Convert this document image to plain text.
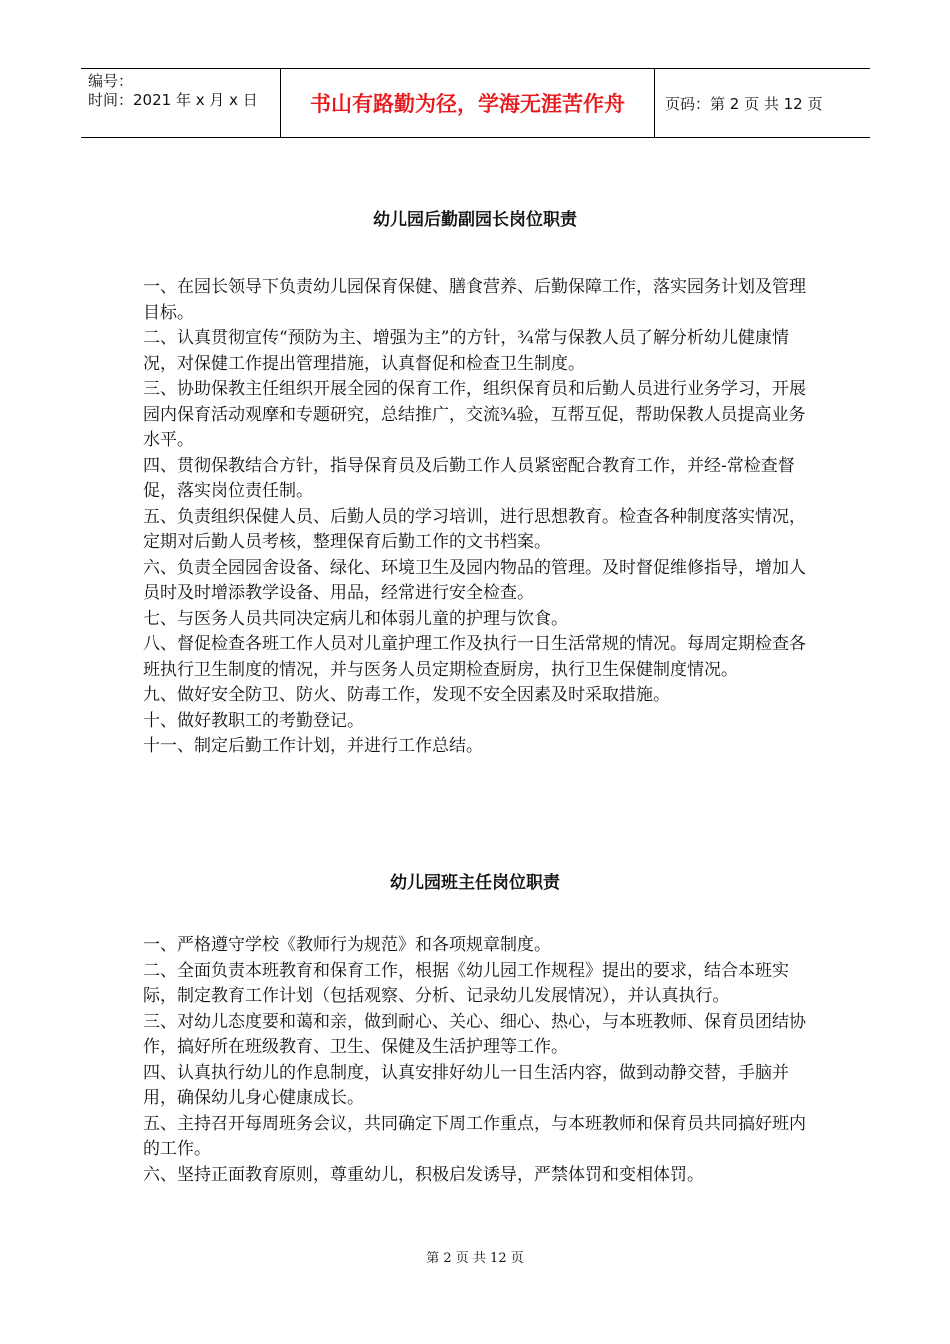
编号：
时间：2021 年 x 月 x 日	书山有路勤为径，学海无涯苦作舟	页码：第 2 页 共 12 页
幼儿园后勤副园长岗位职责

一、在园长领导下负责幼儿园保育保健、膳食营养、后勤保障工作，落实园务计划及管理目标。

二、认真贯彻宣传“预防为主、增强为主”的方针，¾常与保教人员了解分析幼儿健康情况，对保健工作提出管理措施，认真督促和检查卫生制度。

三、协助保教主任组织开展全园的保育工作，组织保育员和后勤人员进行业务学习，开展园内保育活动观摩和专题研究，总结推广，交流¾验，互帮互促，帮助保教人员提高业务水平。

四、贯彻保教结合方针，指导保育员及后勤工作人员紧密配合教育工作，并经-常检查督促，落实岗位责任制。

五、负责组织保健人员、后勤人员的学习培训，进行思想教育。检查各种制度落实情况，定期对后勤人员考核，整理保育后勤工作的文书档案。

六、负责全园园舍设备、绿化、环境卫生及园内物品的管理。及时督促维修指导，增加人员时及时增添教学设备、用品，经常进行安全检查。

七、与医务人员共同决定病儿和体弱儿童的护理与饮食。

八、督促检查各班工作人员对儿童护理工作及执行一日生活常规的情况。每周定期检查各班执行卫生制度的情况，并与医务人员定期检查厨房，执行卫生保健制度情况。

九、做好安全防卫、防火、防毒工作，发现不安全因素及时采取措施。

十、做好教职工的考勤登记。

十一、制定后勤工作计划，并进行工作总结。

幼儿园班主任岗位职责

一、严格遵守学校《教师行为规范》和各项规章制度。

二、全面负责本班教育和保育工作，根据《幼儿园工作规程》提出的要求，结合本班实际，制定教育工作计划（包括观察、分析、记录幼儿发展情况），并认真执行。

三、对幼儿态度要和蔼和亲，做到耐心、关心、细心、热心，与本班教师、保育员团结协作，搞好所在班级教育、卫生、保健及生活护理等工作。

四、认真执行幼儿的作息制度，认真安排好幼儿一日生活内容，做到动静交替，手脑并用，确保幼儿身心健康成长。

五、主持召开每周班务会议，共同确定下周工作重点，与本班教师和保育员共同搞好班内的工作。

六、坚持正面教育原则，尊重幼儿，积极启发诱导，严禁体罚和变相体罚。

第 2 页 共 12 页
